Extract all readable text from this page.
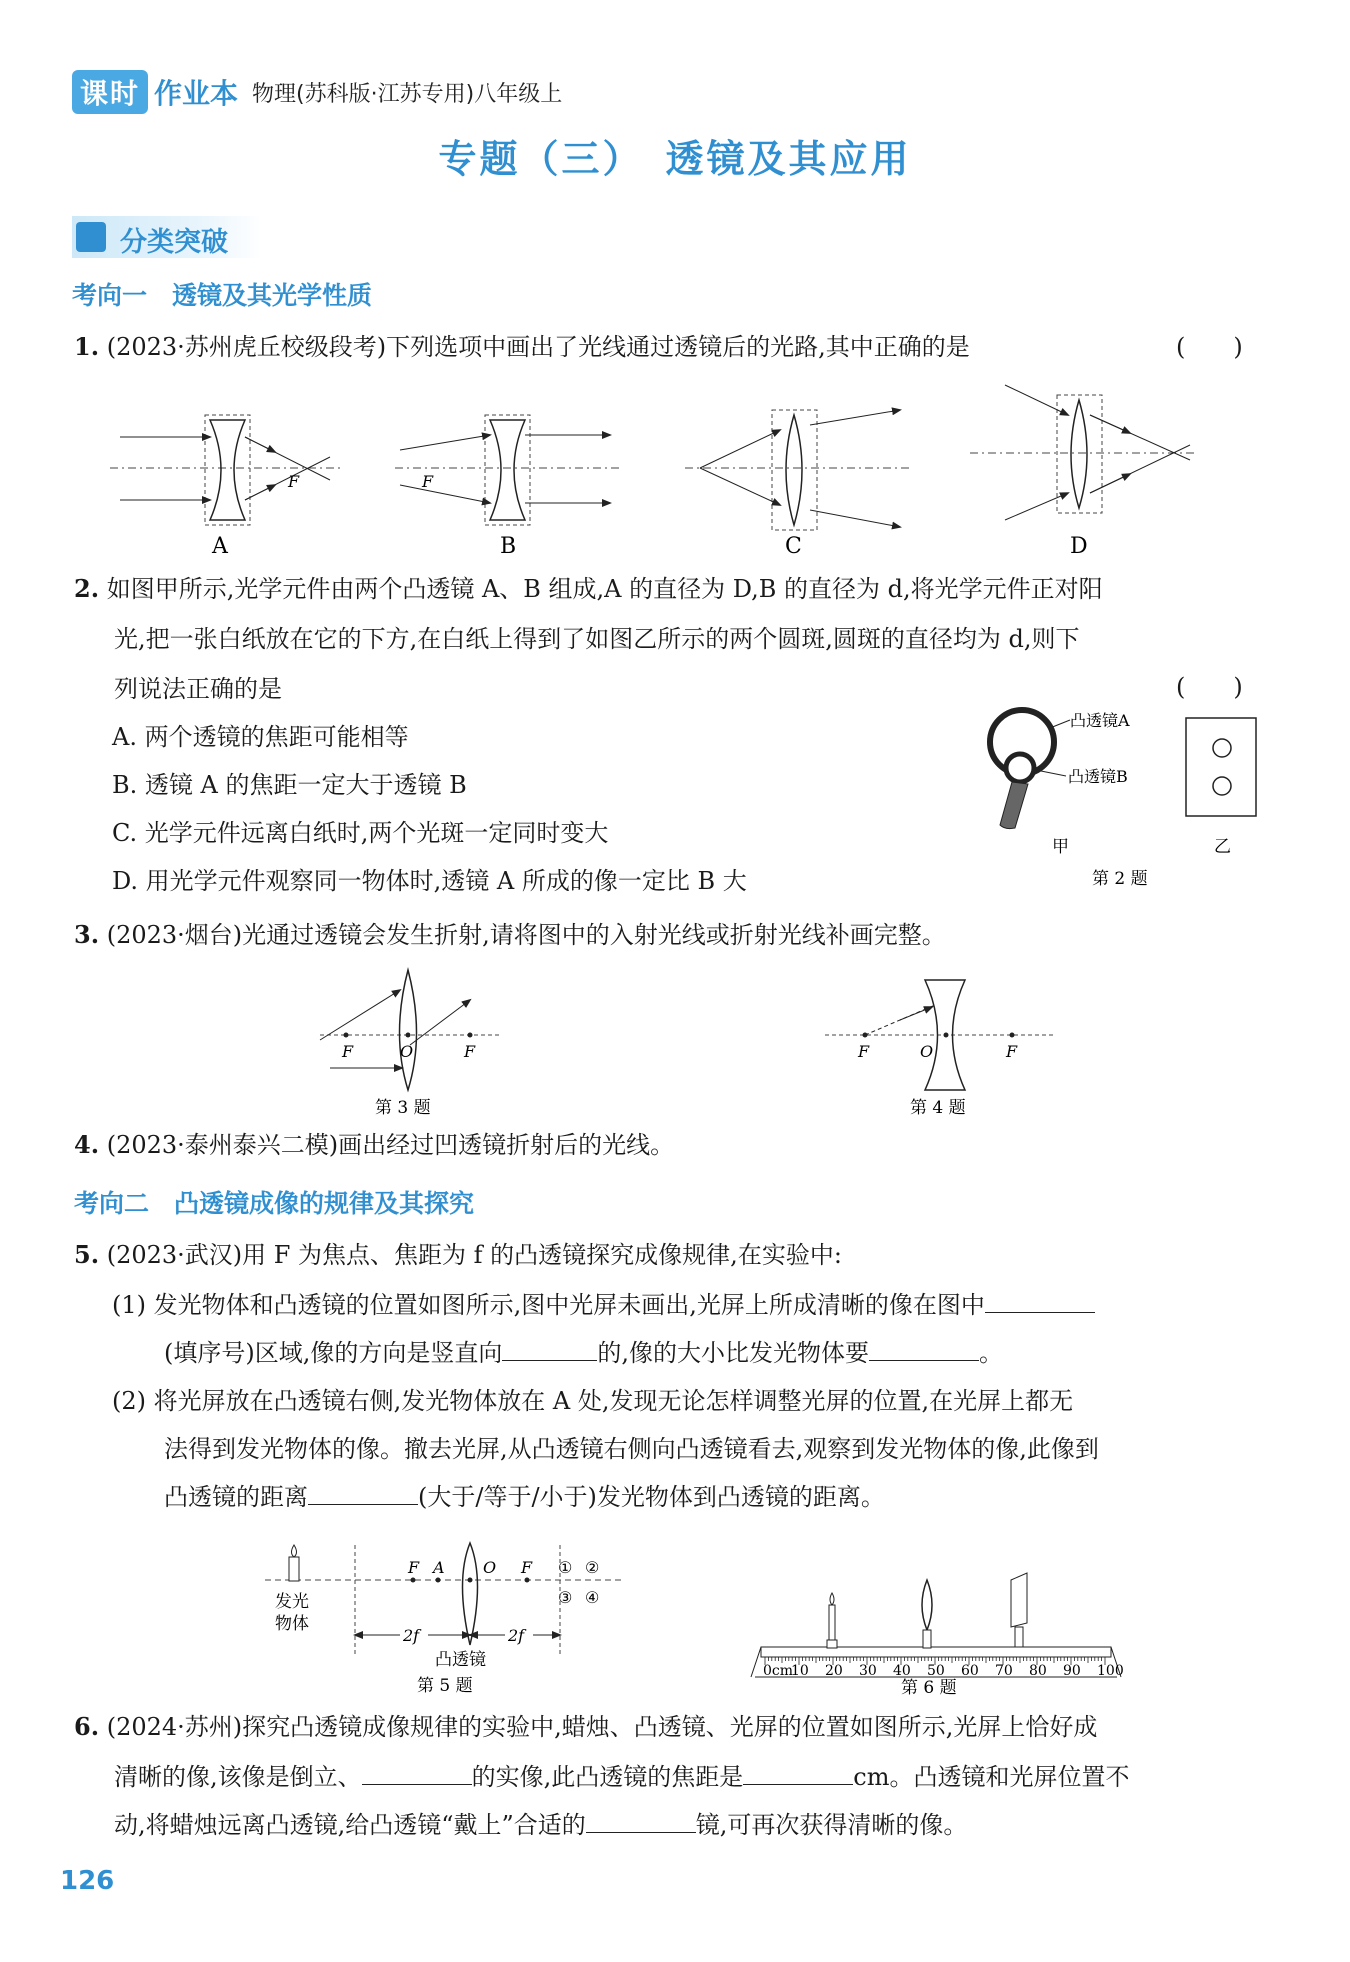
课时 作业本 物理(苏科版·江苏专用)八年级上
专题（三）　透镜及其应用
分类突破
考向一　透镜及其光学性质
1. (2023·苏州虎丘校级段考)下列选项中画出了光线通过透镜后的光路,其中正确的是	(　　)
F
A
F
B	C	D
2. 如图甲所示,光学元件由两个凸透镜 A、B 组成,A 的直径为 D,B 的直径为 d,将光学元件正对阳
光,把一张白纸放在它的下方,在白纸上得到了如图乙所示的两个圆斑,圆斑的直径均为 d,则下
列说法正确的是	(　　)
A. 两个透镜的焦距可能相等
B. 透镜 A 的焦距一定大于透镜 B
C. 光学元件远离白纸时,两个光斑一定同时变大
D. 用光学元件观察同一物体时,透镜 A 所成的像一定比 B 大
凸透镜A
凸透镜B
甲	乙
第 2 题
3. (2023·烟台)光通过透镜会发生折射,请将图中的入射光线或折射光线补画完整。
F	O	F
第 3 题
F	O	F
第 4 题
4. (2023·泰州泰兴二模)画出经过凹透镜折射后的光线。
考向二　凸透镜成像的规律及其探究
5. (2023·武汉)用 F 为焦点、焦距为 f 的凸透镜探究成像规律,在实验中:
(1) 发光物体和凸透镜的位置如图所示,图中光屏未画出,光屏上所成清晰的像在图中
(填序号)区域,像的方向是竖直向	的,像的大小比发光物体要	。
(2) 将光屏放在凸透镜右侧,发光物体放在 A 处,发现无论怎样调整光屏的位置,在光屏上都无
法得到发光物体的像。撤去光屏,从凸透镜右侧向凸透镜看去,观察到发光物体的像,此像到
凸透镜的距离	(大于/等于/小于)发光物体到凸透镜的距离。
F A O F ① ②
③ ④
发光
物体
2f	2f
凸透镜
第 5 题
0cm
10 20 30 40 50 60 70 80 90 100
第 6 题
6. (2024·苏州)探究凸透镜成像规律的实验中,蜡烛、凸透镜、光屏的位置如图所示,光屏上恰好成
清晰的像,该像是倒立、	的实像,此凸透镜的焦距是	cm。凸透镜和光屏位置不
动,将蜡烛远离凸透镜,给凸透镜“戴上”合适的	镜,可再次获得清晰的像。
126
